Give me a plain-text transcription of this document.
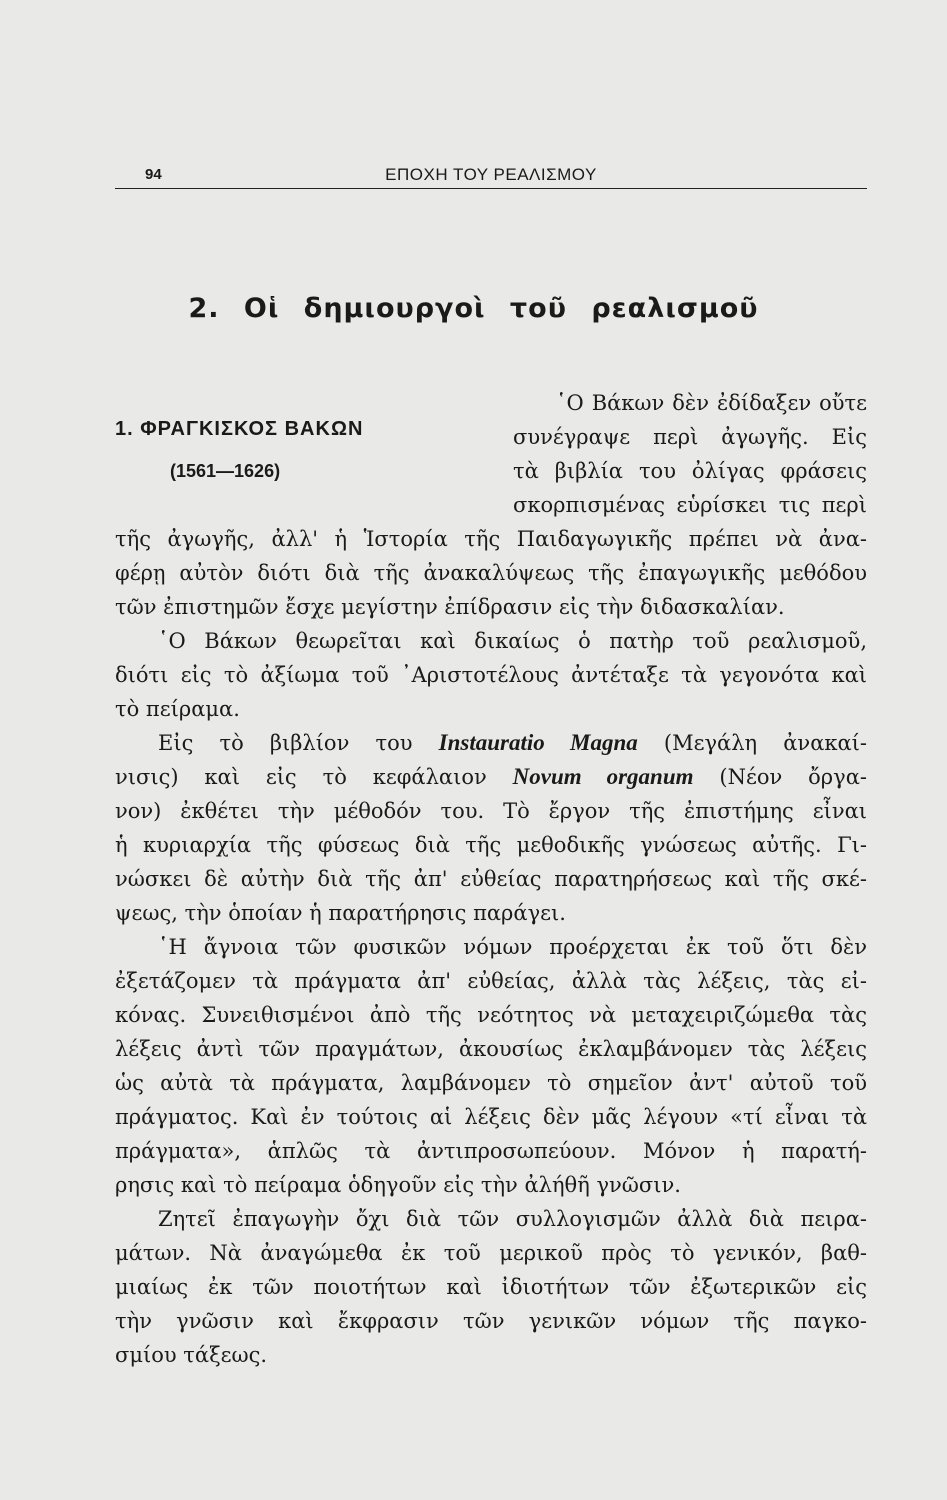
94	ΕΠΟΧΗ ΤΟΥ ΡΕΑΛΙΣΜΟΥ
2. Οἱ δημιουργοὶ τοῦ ρεαλισμοῦ
1. ΦΡΑΓΚΙΣΚΟΣ ΒΑΚΩΝ
(1561—1626)
῾Ο Βάκων δὲν ἐδίδαξεν οὔτε
συνέγραψε περὶ ἀγωγῆς. Εἰς
τὰ βιβλία του ὀλίγας φράσεις
σκορπισμένας εὑρίσκει τις περὶ
τῆς ἀγωγῆς, ἀλλ' ἡ Ἱστορία τῆς Παιδαγωγικῆς πρέπει νὰ ἀνα-
φέρῃ αὐτὸν διότι διὰ τῆς ἀνακαλύψεως τῆς ἐπαγωγικῆς μεθόδου
τῶν ἐπιστημῶν ἔσχε μεγίστην ἐπίδρασιν εἰς τὴν διδασκαλίαν.
῾Ο Βάκων θεωρεῖται καὶ δικαίως ὁ πατὴρ τοῦ ρεαλισμοῦ,
διότι εἰς τὸ ἀξίωμα τοῦ ᾿Αριστοτέλους ἀντέταξε τὰ γεγονότα καὶ
τὸ πείραμα.
Εἰς τὸ βιβλίον του Instauratio Magna (Μεγάλη ἀνακαί-
νισις) καὶ εἰς τὸ κεφάλαιον Novum organum (Νέον ὄργα-
νον) ἐκθέτει τὴν μέθοδόν του. Τὸ ἔργον τῆς ἐπιστήμης εἶναι
ἡ κυριαρχία τῆς φύσεως διὰ τῆς μεθοδικῆς γνώσεως αὐτῆς. Γι-
νώσκει δὲ αὐτὴν διὰ τῆς ἀπ' εὐθείας παρατηρήσεως καὶ τῆς σκέ-
ψεως, τὴν ὁποίαν ἡ παρατήρησις παράγει.
῾Η ἄγνοια τῶν φυσικῶν νόμων προέρχεται ἐκ τοῦ ὅτι δὲν
ἐξετάζομεν τὰ πράγματα ἀπ' εὐθείας, ἀλλὰ τὰς λέξεις, τὰς εἰ-
κόνας. Συνειθισμένοι ἀπὸ τῆς νεότητος νὰ μεταχειριζώμεθα τὰς
λέξεις ἀντὶ τῶν πραγμάτων, ἀκουσίως ἐκλαμβάνομεν τὰς λέξεις
ὡς αὐτὰ τὰ πράγματα, λαμβάνομεν τὸ σημεῖον ἀντ' αὐτοῦ τοῦ
πράγματος. Καὶ ἐν τούτοις αἱ λέξεις δὲν μᾶς λέγουν «τί εἶναι τὰ
πράγματα», ἁπλῶς τὰ ἀντιπροσωπεύουν. Μόνον ἡ παρατή-
ρησις καὶ τὸ πείραμα ὁδηγοῦν εἰς τὴν ἀλήθῆ γνῶσιν.
Ζητεῖ ἐπαγωγὴν ὄχι διὰ τῶν συλλογισμῶν ἀλλὰ διὰ πειρα-
μάτων. Νὰ ἀναγώμεθα ἐκ τοῦ μερικοῦ πρὸς τὸ γενικόν, βαθ-
μιαίως ἐκ τῶν ποιοτήτων καὶ ἰδιοτήτων τῶν ἐξωτερικῶν εἰς
τὴν γνῶσιν καὶ ἔκφρασιν τῶν γενικῶν νόμων τῆς παγκο-
σμίου τάξεως.
